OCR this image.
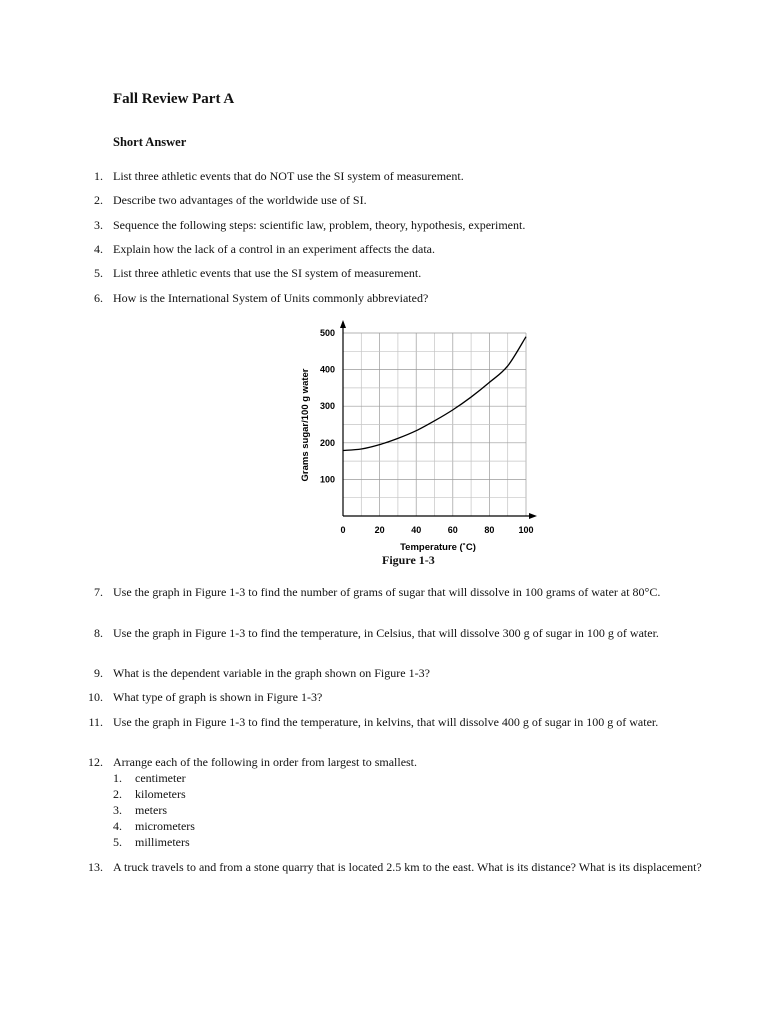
Fall Review Part A
Short Answer
1. List three athletic events that do NOT use the SI system of measurement.
2. Describe two advantages of the worldwide use of SI.
3. Sequence the following steps: scientific law, problem, theory, hypothesis, experiment.
4. Explain how the lack of a control in an experiment affects the data.
5. List three athletic events that use the SI system of measurement.
6. How is the International System of Units commonly abbreviated?
0	20	40	60	80	100
100
200
300
400
500
Temperature (˚C)
Grams sugar/100 g water
Figure 1-3
7. Use the graph in Figure 1-3 to find the number of grams of sugar that will dissolve in 100 grams of water at 80°C.
8. Use the graph in Figure 1-3 to find the temperature, in Celsius, that will dissolve 300 g of sugar in 100 g of water.
9. What is the dependent variable in the graph shown on Figure 1-3?
10. What type of graph is shown in Figure 1-3?
11. Use the graph in Figure 1-3 to find the temperature, in kelvins, that will dissolve 400 g of sugar in 100 g of water.
12. Arrange each of the following in order from largest to smallest.
1. centimeter
2. kilometers
3. meters
4. micrometers
5. millimeters
13. A truck travels to and from a stone quarry that is located 2.5 km to the east. What is its distance? What is its displacement?
